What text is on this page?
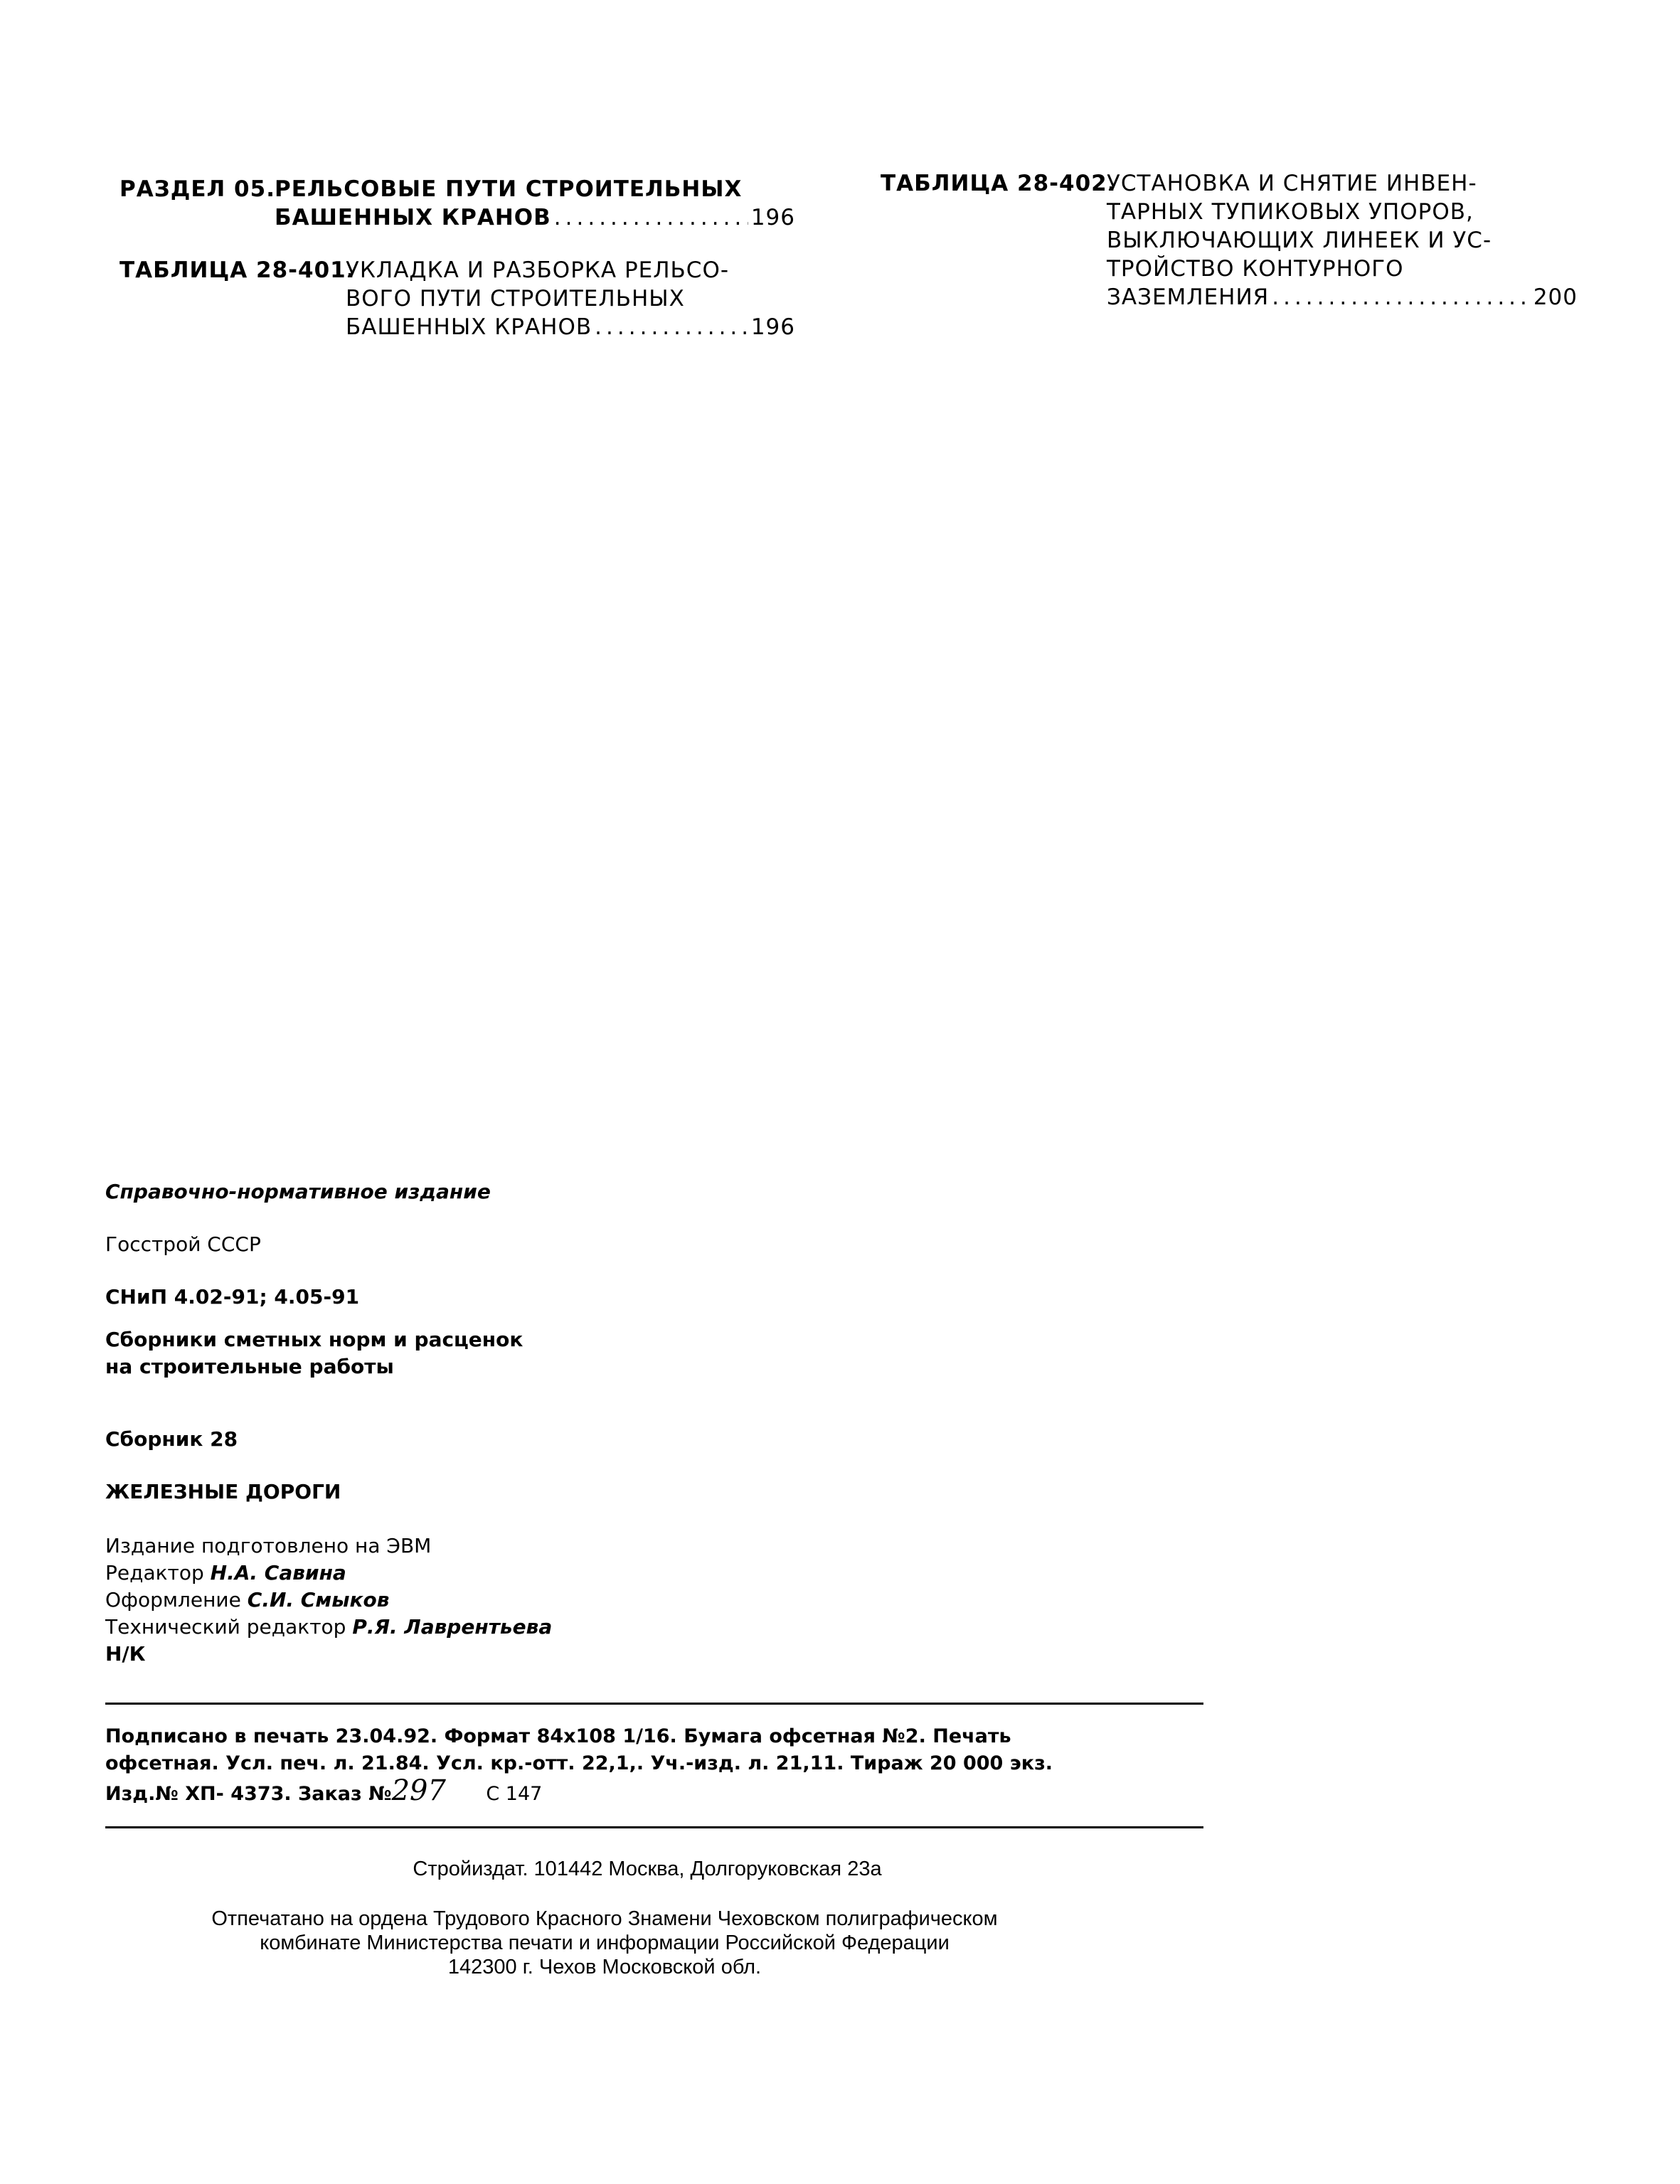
РАЗДЕЛ 05. РЕЛЬСОВЫЕ ПУТИ СТРОИТЕЛЬНЫХ
БАШЕННЫХ КРАНОВ .....	196
ТАБЛИЦА 28-401.
УКЛАДКА И РАЗБОРКА РЕЛЬСО-
ВОГО ПУТИ СТРОИТЕЛЬНЫХ
БАШЕННЫХ КРАНОВ .....	196
ТАБЛИЦА 28-402.
УСТАНОВКА И СНЯТИЕ ИНВЕН-
ТАРНЫХ ТУПИКОВЫХ УПОРОВ,
ВЫКЛЮЧАЮЩИХ ЛИНЕЕК И УС-
ТРОЙСТВО КОНТУРНОГО
ЗАЗЕМЛЕНИЯ .....	200
Справочно-нормативное издание
Госстрой СССР
СНиП 4.02-91; 4.05-91
Сборники сметных норм и расценок
на строительные работы
Сборник 28
ЖЕЛЕЗНЫЕ ДОРОГИ
Издание подготовлено на ЭВМ
Редактор Н.А. Савина
Оформление С.И. Смыков
Технический редактор Р.Я. Лаврентьева
Н/К
Подписано в печать 23.04.92. Формат 84x108 1/16. Бумага офсетная №2. Печать
офсетная. Усл. печ. л. 21.84. Усл. кр.-отт. 22,1,. Уч.-изд. л. 21,11. Тираж 20 000 экз.
Изд.№ ХП- 4373. Заказ №297 С 147
Стройиздат. 101442 Москва, Долгоруковская 23а
Отпечатано на ордена Трудового Красного Знамени Чеховском полиграфическом
комбинате Министерства печати и информации Российской Федерации
142300 г. Чехов Московской обл.
